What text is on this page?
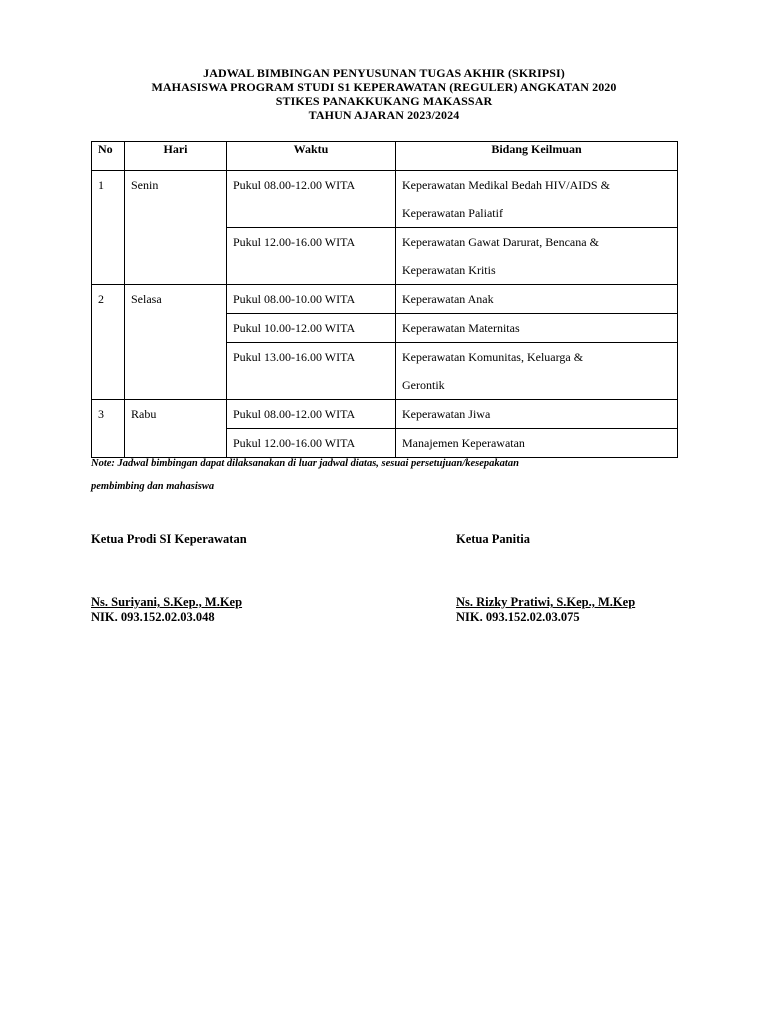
JADWAL BIMBINGAN PENYUSUNAN TUGAS AKHIR (SKRIPSI)
MAHASISWA PROGRAM STUDI S1 KEPERAWATAN (REGULER) ANGKATAN 2020
STIKES PANAKKUKANG MAKASSAR
TAHUN AJARAN 2023/2024
No	Hari	Waktu	Bidang Keilmuan
1	Senin	Pukul 08.00-12.00 WITA	Keperawatan Medikal Bedah HIV/AIDS &
Keperawatan Paliatif

		Pukul 12.00-16.00 WITA	Keperawatan Gawat Darurat, Bencana &
Keperawatan Kritis

2	Selasa	Pukul 08.00-10.00 WITA	Keperawatan Anak
		Pukul 10.00-12.00 WITA	Keperawatan Maternitas
		Pukul 13.00-16.00 WITA	Keperawatan Komunitas, Keluarga &
Gerontik

3	Rabu	Pukul 08.00-12.00 WITA	Keperawatan Jiwa
		Pukul 12.00-16.00 WITA	Manajemen Keperawatan
Note: Jadwal bimbingan dapat dilaksanakan di luar jadwal diatas, sesuai persetujuan/kesepakatan
pembimbing dan mahasiswa
Ketua Prodi SI Keperawatan	Ketua Panitia
Ns. Suriyani, S.Kep., M.Kep	Ns. Rizky Pratiwi, S.Kep., M.Kep
NIK. 093.152.02.03.048	NIK. 093.152.02.03.075
